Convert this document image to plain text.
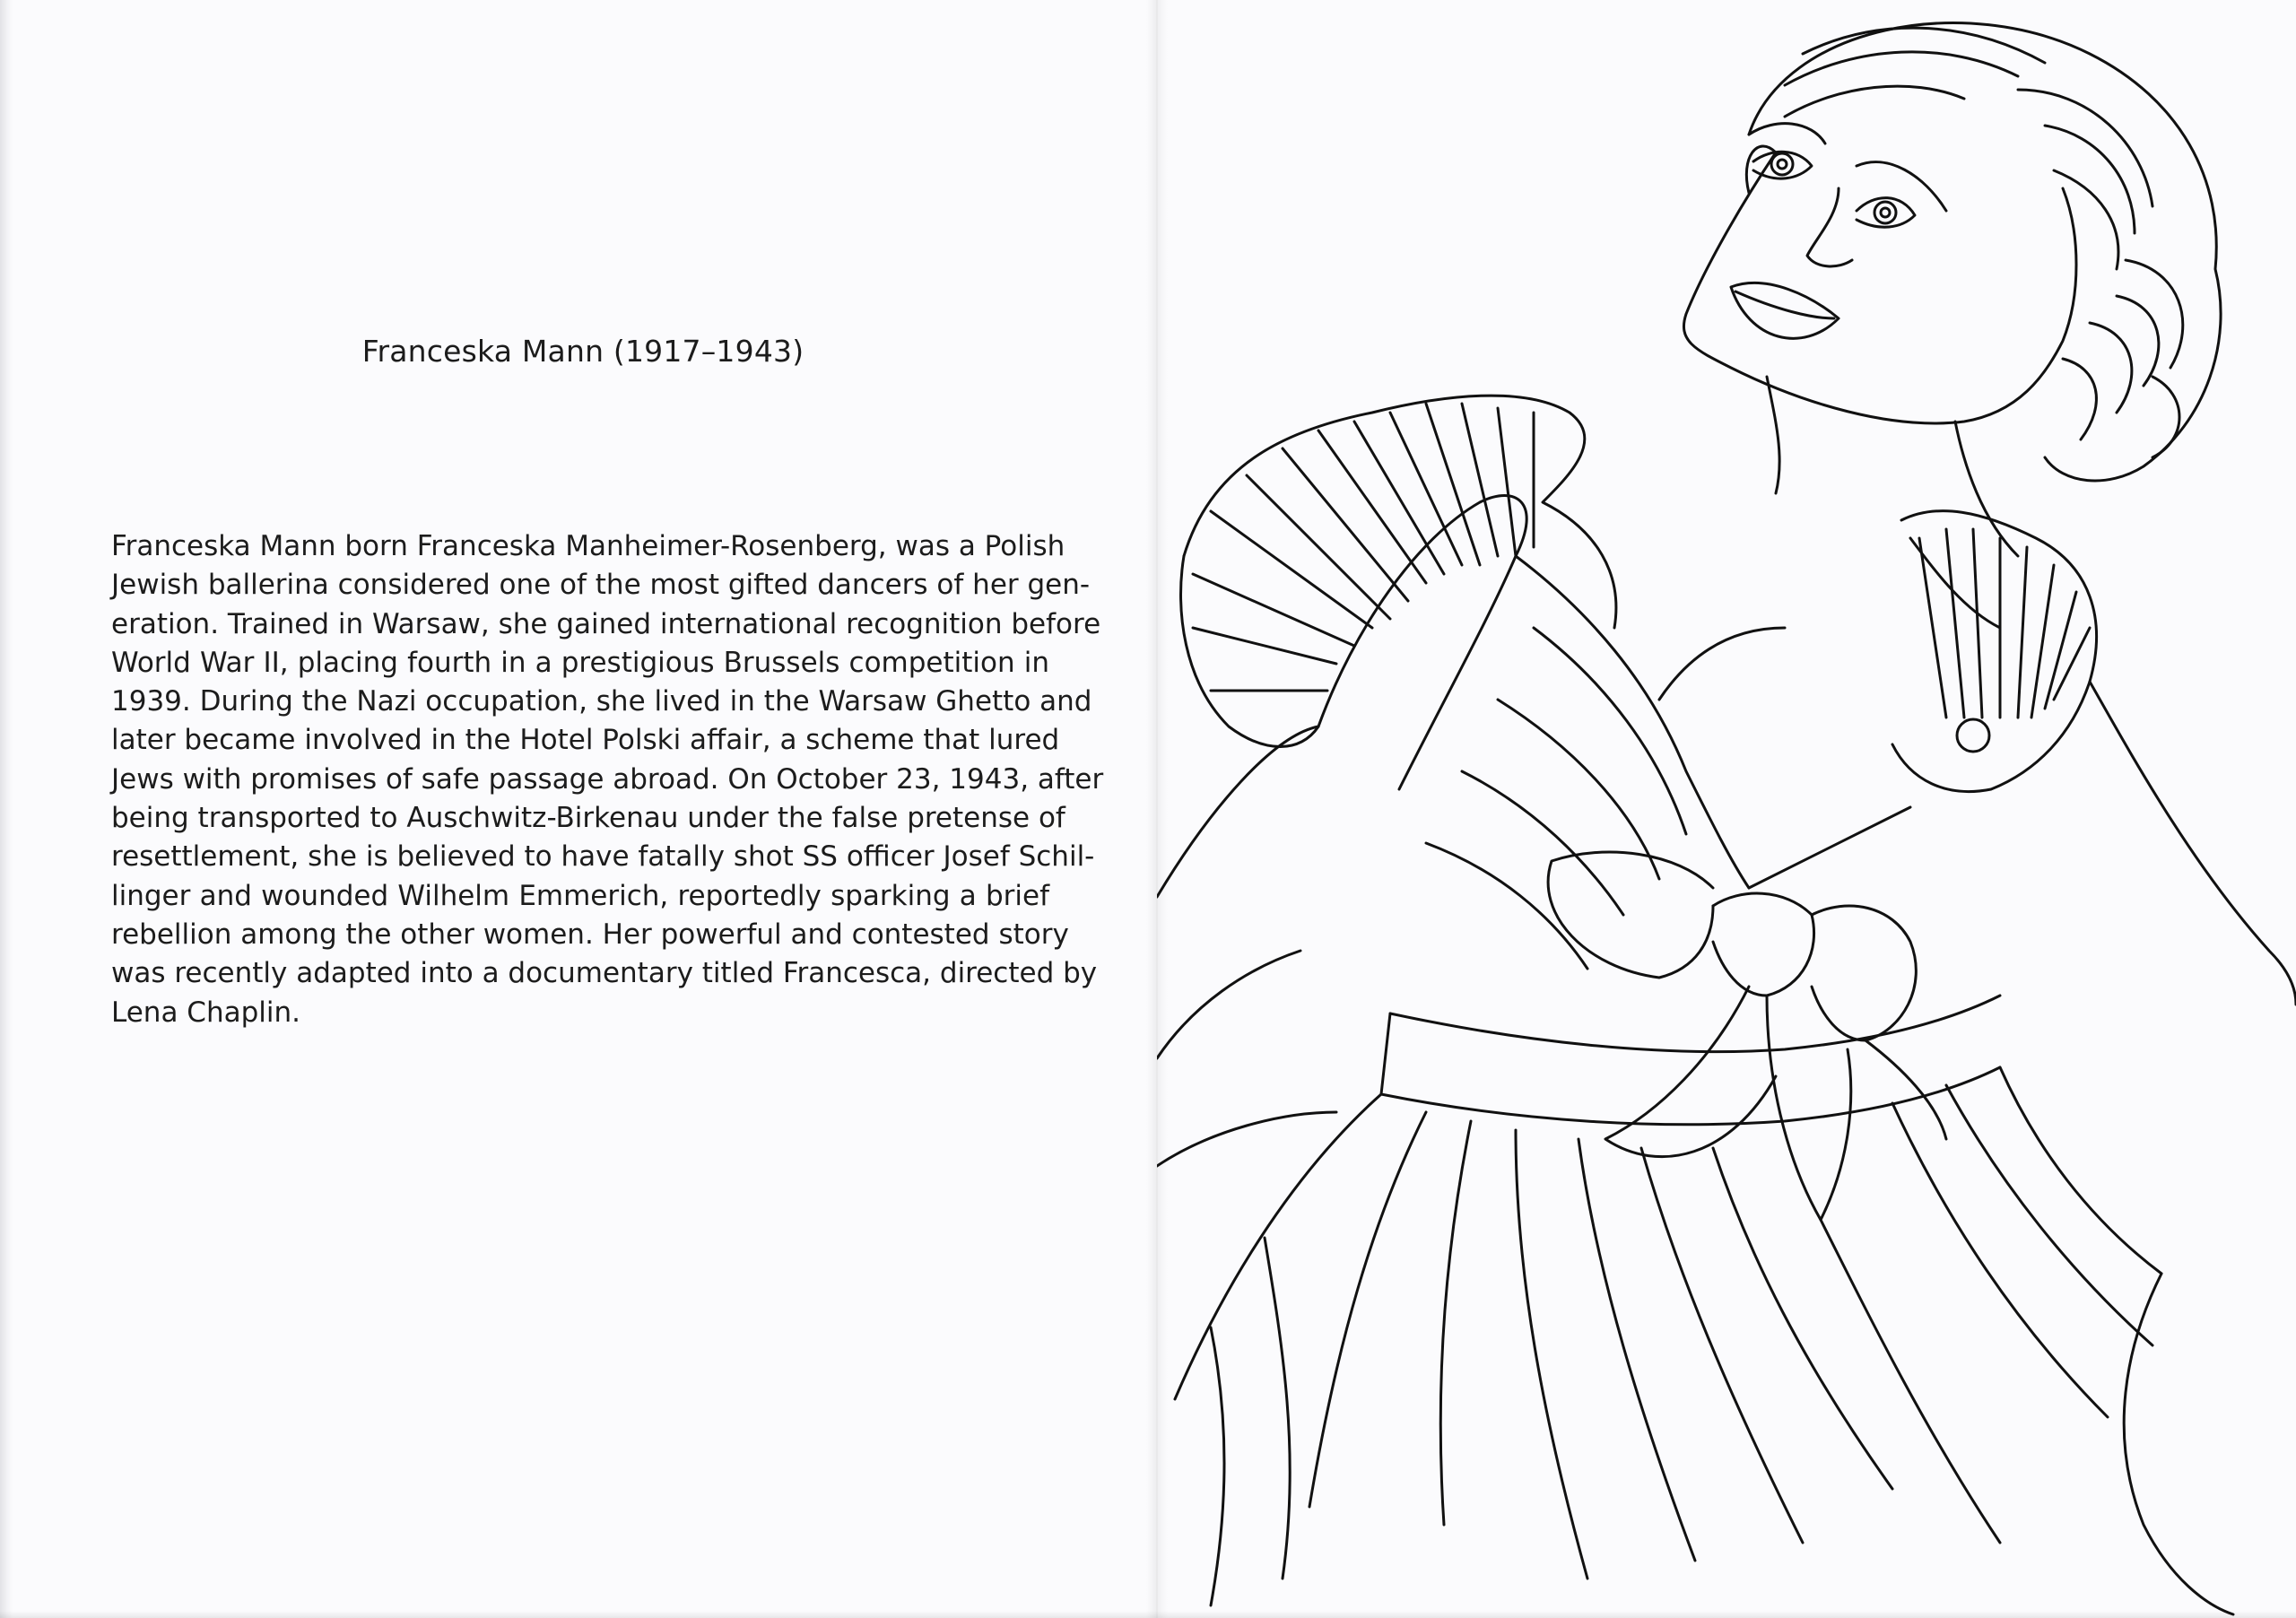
Franceska Mann (1917–1943)
Franceska Mann born Franceska Manheimer-Rosenberg, was a Polish
Jewish ballerina considered one of the most gifted dancers of her gen-
eration. Trained in Warsaw, she gained international recognition before
World War II, placing fourth in a prestigious Brussels competition in
1939. During the Nazi occupation, she lived in the Warsaw Ghetto and
later became involved in the Hotel Polski affair, a scheme that lured
Jews with promises of safe passage abroad. On October 23, 1943, after
being transported to Auschwitz-Birkenau under the false pretense of
resettlement, she is believed to have fatally shot SS officer Josef Schil-
linger and wounded Wilhelm Emmerich, reportedly sparking a brief
rebellion among the other women. Her powerful and contested story
was recently adapted into a documentary titled Francesca, directed by
Lena Chaplin.
